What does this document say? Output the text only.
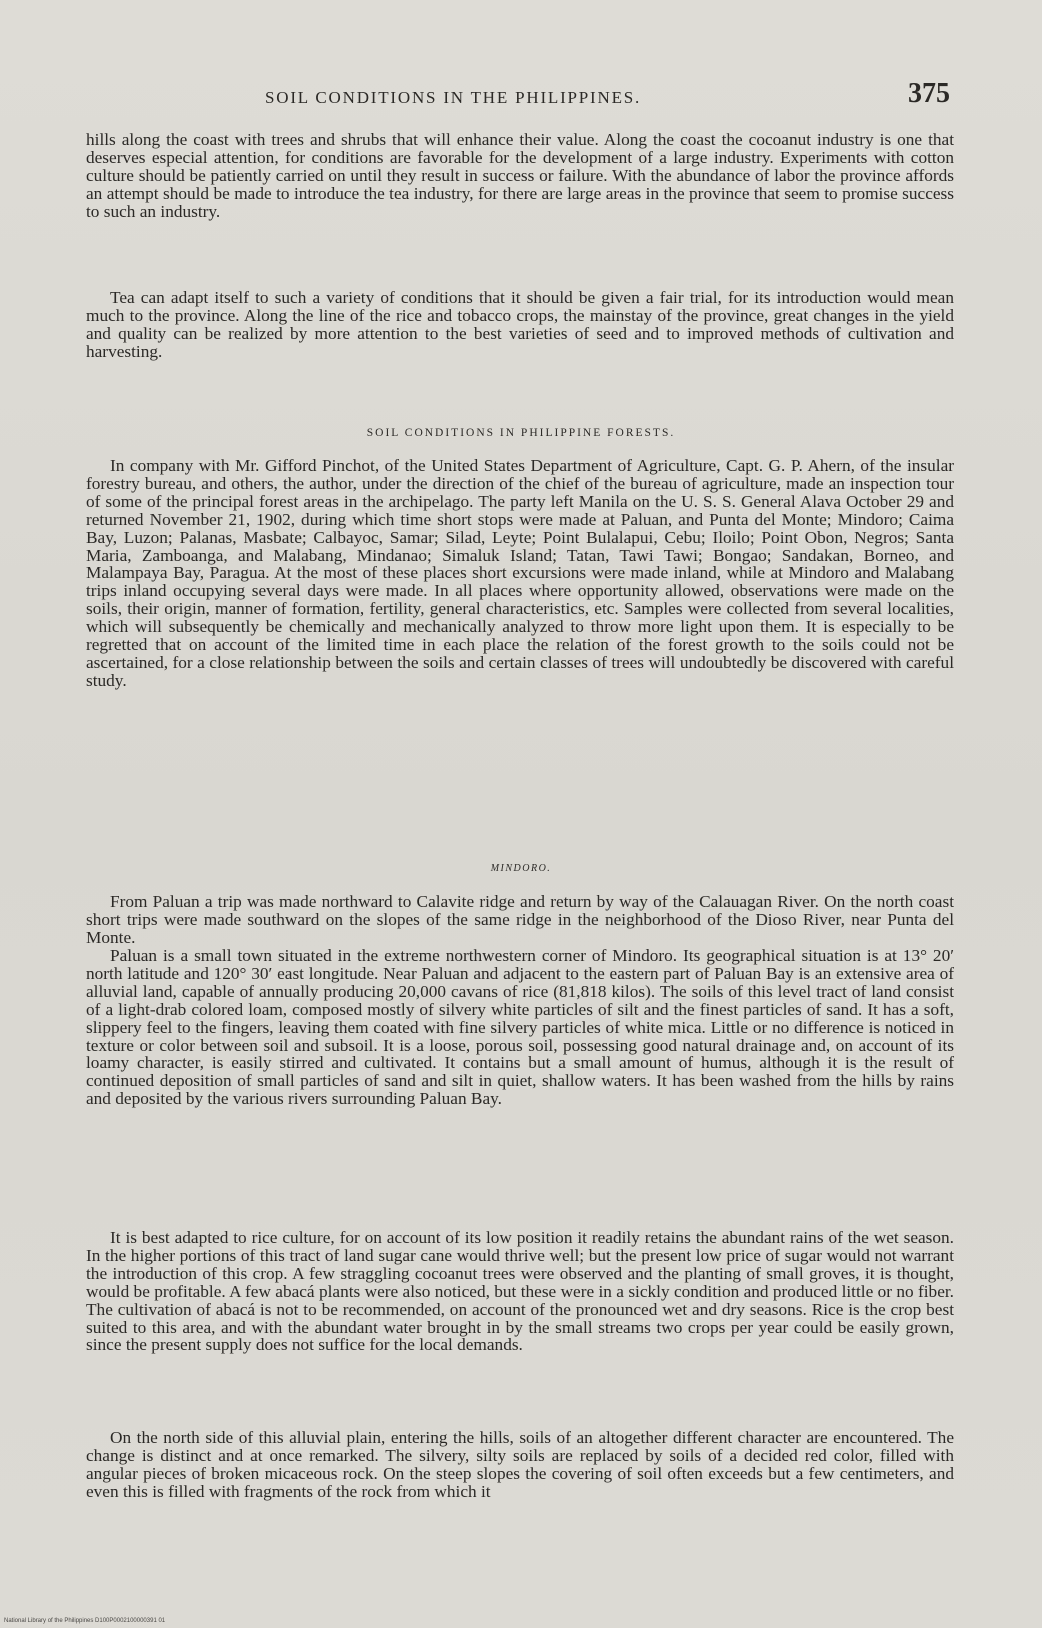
SOIL CONDITIONS IN THE PHILIPPINES.	375

hills along the coast with trees and shrubs that will enhance their value. Along the coast the cocoanut industry is one that deserves especial attention, for conditions are favorable for the development of a large industry. Experiments with cotton culture should be patiently carried on until they result in success or failure. With the abundance of labor the province affords an attempt should be made to introduce the tea industry, for there are large areas in the province that seem to promise success to such an industry.

Tea can adapt itself to such a variety of conditions that it should be given a fair trial, for its introduction would mean much to the province. Along the line of the rice and tobacco crops, the mainstay of the province, great changes in the yield and quality can be realized by more attention to the best varieties of seed and to improved methods of cultivation and harvesting.

SOIL CONDITIONS IN PHILIPPINE FORESTS.

In company with Mr. Gifford Pinchot, of the United States Department of Agriculture, Capt. G. P. Ahern, of the insular forestry bureau, and others, the author, under the direction of the chief of the bureau of agriculture, made an inspection tour of some of the principal forest areas in the archipelago. The party left Manila on the U. S. S. General Alava October 29 and returned November 21, 1902, during which time short stops were made at Paluan, and Punta del Monte; Mindoro; Caima Bay, Luzon; Palanas, Masbate; Calbayoc, Samar; Silad, Leyte; Point Bulalapui, Cebu; Iloilo; Point Obon, Negros; Santa Maria, Zamboanga, and Malabang, Mindanao; Simaluk Island; Tatan, Tawi Tawi; Bongao; Sandakan, Borneo, and Malampaya Bay, Paragua. At the most of these places short excursions were made inland, while at Mindoro and Malabang trips inland occupying several days were made. In all places where opportunity allowed, observations were made on the soils, their origin, manner of formation, fertility, general characteristics, etc. Samples were collected from several localities, which will subsequently be chemically and mechanically analyzed to throw more light upon them. It is especially to be regretted that on account of the limited time in each place the relation of the forest growth to the soils could not be ascertained, for a close relationship between the soils and certain classes of trees will undoubtedly be discovered with careful study.

MINDORO.

From Paluan a trip was made northward to Calavite ridge and return by way of the Calauagan River. On the north coast short trips were made southward on the slopes of the same ridge in the neighborhood of the Dioso River, near Punta del Monte.

Paluan is a small town situated in the extreme northwestern corner of Mindoro. Its geographical situation is at 13° 20′ north latitude and 120° 30′ east longitude. Near Paluan and adjacent to the eastern part of Paluan Bay is an extensive area of alluvial land, capable of annually producing 20,000 cavans of rice (81,818 kilos). The soils of this level tract of land consist of a light-drab colored loam, composed mostly of silvery white particles of silt and the finest particles of sand. It has a soft, slippery feel to the fingers, leaving them coated with fine silvery particles of white mica. Little or no difference is noticed in texture or color between soil and subsoil. It is a loose, porous soil, possessing good natural drainage and, on account of its loamy character, is easily stirred and cultivated. It contains but a small amount of humus, although it is the result of continued deposition of small particles of sand and silt in quiet, shallow waters. It has been washed from the hills by rains and deposited by the various rivers surrounding Paluan Bay.

It is best adapted to rice culture, for on account of its low position it readily retains the abundant rains of the wet season. In the higher portions of this tract of land sugar cane would thrive well; but the present low price of sugar would not warrant the introduction of this crop. A few straggling cocoanut trees were observed and the planting of small groves, it is thought, would be profitable. A few abacá plants were also noticed, but these were in a sickly condition and produced little or no fiber. The cultivation of abacá is not to be recommended, on account of the pronounced wet and dry seasons. Rice is the crop best suited to this area, and with the abundant water brought in by the small streams two crops per year could be easily grown, since the present supply does not suffice for the local demands.

On the north side of this alluvial plain, entering the hills, soils of an altogether different character are encountered. The change is distinct and at once remarked. The silvery, silty soils are replaced by soils of a decided red color, filled with angular pieces of broken micaceous rock. On the steep slopes the covering of soil often exceeds but a few centimeters, and even this is filled with fragments of the rock from which it

National Library of the Philippines D100P0002100000391 01
